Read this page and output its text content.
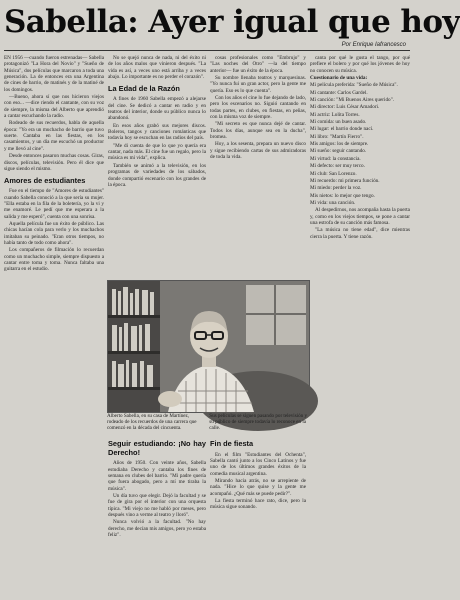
Sabella: Ayer igual que hoy
Por Enrique Iafrancesco

EN 1956 —cuando fueron estrenadas— Sabella protagonizó "La Hora del Novio" y "Sueño de Música", dos películas que marcaron a toda una generación. La de entonces era una Argentina de cines de barrio, de matinés y de la matiné de los domingos.

—Bueno, ahora sí que nos hicieron viejos con eso... —dice riendo el cantante, con su voz de siempre, la misma del Alberto que aprendió a cantar escuchando la radio.

Rodeado de sus recuerdos, habla de aquella época: "Yo era un muchacho de barrio que tuvo suerte. Cantaba en las fiestas, en los casamientos, y un día me escuchó un productor y me llevó al cine".

Desde entonces pasaron muchas cosas. Giras, discos, películas, televisión. Pero él dice que sigue siendo el mismo.

Amores de estudiantes

Fue en el tiempo de "Amores de estudiantes" cuando Sabella conoció a la que sería su mujer. "Ella estaba en la fila de la boletería, yo la vi y me enamoré. Le pedí que me esperara a la salida y me esperó", cuenta con una sonrisa.

Aquella película fue un éxito de público. Las chicas hacían cola para verlo y los muchachos imitaban su peinado. "Eran otros tiempos, no había tanto de todo como ahora".

Los compañeros de filmación lo recuerdan como un muchacho simple, siempre dispuesto a cantar entre toma y toma. Nunca faltaba una guitarra en el estudio.

No se quejó nunca de nada, ni del éxito ni de los años malos que vinieron después. "La vida es así, a veces uno está arriba y a veces abajo. Lo importante es no perder el corazón".

La Edad de la Razón

A fines de 1960 Sabella empezó a alejarse del cine. Se dedicó a cantar en radio y en teatros del interior, donde su público nunca lo abandonó.

En esos años grabó sus mejores discos. Boleros, tangos y canciones románticas que todavía hoy se escuchan en las radios del país.

"Me di cuenta de que lo que yo quería era cantar, nada más. El cine fue un regalo, pero la música es mi vida", explica.

También se animó a la televisión, en los programas de variedades de los sábados, donde compartió escenario con los grandes de la época.

cosas profesionales como "Embrujo" y "Las noches del Otro" —la del tiempo anterior— fue un éxito de la época.

Su nombre llenaba teatros y marquesinas. "Yo nunca fui un gran actor, pero la gente me quería. Eso es lo que cuenta".

Con los años el cine lo fue dejando de lado, pero los escenarios no. Siguió cantando en todas partes, en clubes, en fiestas, en peñas, con la misma voz de siempre.

"Mi secreto es que nunca dejé de cantar. Todos los días, aunque sea en la ducha", bromea.

Hoy, a los sesenta, prepara un nuevo disco y sigue recibiendo cartas de sus admiradoras de toda la vida.

Alberto Sabella, en su casa de Martínez, rodeado de los recuerdos de una carrera que comenzó en la década del cincuenta. Sus películas se siguen pasando por televisión y su público de siempre todavía lo reconoce en la calle.
Seguir estudiando: ¡No hay Derecho!

Años de 1950. Con veinte años, Sabella estudiaba Derecho y cantaba los fines de semana en clubes del barrio. "Mi padre quería que fuera abogado, pero a mí me tiraba la música".

Un día tuvo que elegir. Dejó la facultad y se fue de gira por el interior con una orquesta típica. "Mi viejo no me habló por meses, pero después vino a verme al teatro y lloró".

Nunca volvió a la facultad. "No hay derecho, me decían mis amigos, pero yo estaba feliz".

Fin de fiesta

En el film "Estudiantes del Ochenta", Sabella cantó junto a los Cinco Latinos y fue uno de los últimos grandes éxitos de la comedia musical argentina.

Mirando hacia atrás, no se arrepiente de nada. "Hice lo que quise y la gente me acompañó. ¿Qué más se puede pedir?".

La fiesta terminó hace rato, dice, pero la música sigue sonando.

canta por qué le gusta el tango, por qué prefiere el bolero y por qué los jóvenes de hoy no conocen su música.

Cuestionario de una vida:

Mi película preferida: "Sueño de Música".

Mi cantante: Carlos Gardel.

Mi canción: "Mi Buenos Aires querido".

Mi director: Luis César Amadori.

Mi actriz: Lolita Torres.

Mi comida: un buen asado.

Mi lugar: el barrio donde nací.

Mi libro: "Martín Fierro".

Mis amigos: los de siempre.

Mi sueño: seguir cantando.

Mi virtud: la constancia.

Mi defecto: ser muy terco.

Mi club: San Lorenzo.

Mi recuerdo: mi primera función.

Mi miedo: perder la voz.

Mis nietos: lo mejor que tengo.

Mi vida: una canción.

Al despedirnos, nos acompaña hasta la puerta y, como en los viejos tiempos, se pone a cantar una estrofa de su canción más famosa.

"La música no tiene edad", dice mientras cierra la puerta. Y tiene razón.
